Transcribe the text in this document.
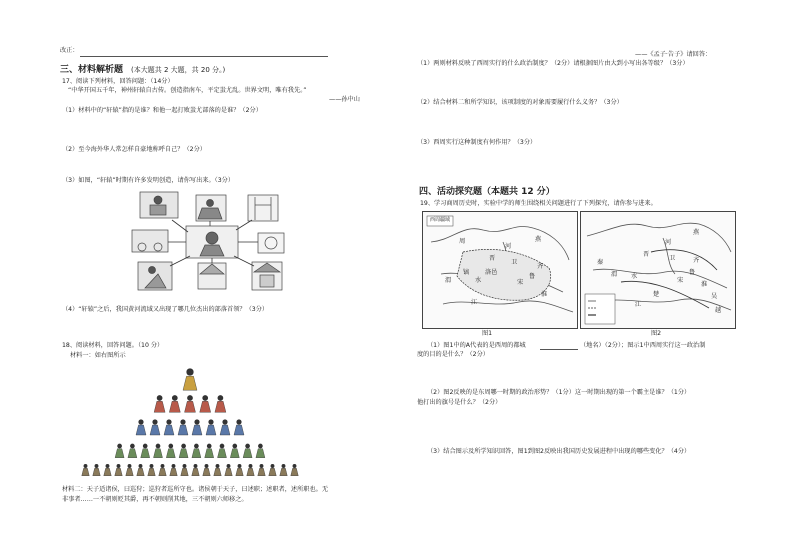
改正：
三、材料解析题 (本大题共 2 大题，共 20 分。)
17、阅读下列材料，回答问题：（14分）
“中华开国五千年，神州轩辕自古传。创造指南车，平定蚩尤乱。世界文明，唯有我先。”
——孙中山
（1）材料中的“轩辕”指的是谁？和他一起打败蚩尤部落的是谁？（2分）
（2）至今海外华人常怎样自豪地称呼自己？（2分）
（3）如图，“轩辕”时期有许多发明创造，请你写出来。（3分）
（4）“轩辕”之后，我国黄河流域又出现了哪几位杰出的部落首领？（3分）
18、阅读材料，回答问题。（10 分）
材料一：如右图所示
材料二：天子适诸侯，曰巡狩；巡狩者巡所守也。诸侯朝于天子，曰述职；述职者，述所职也。无
非事者……一不朝则贬其爵，再不朝则削其地，三不朝则六师移之。
——《孟子·告子》请回答：
（1）两则材料反映了西周实行的什么政治制度？（2分）请根据图片由大到小写出各等级？（3分）
（2）结合材料二和所学知识，该项制度的对象需要履行什么义务？（3分）
（3）西周实行这种制度有何作用？（3分）
四、活动探究题（本题共 12 分）
19、学习商周历史时，实验中学的师生围绕相关问题进行了下列探究，请你参与进来。
西周疆域
周
河
燕
晋
卫
齐
鲁
宋
镐	洛邑
渭	水
江
淮
燕
晋
河
齐
卫
鲁
秦
宋
楚	吴
越
渭 水
江
淮
图1	图2
（1）图1中的A代表的是西周的都城	（地名）（2分）；图示1中西周实行这一政治制
度的目的是什么？（2分）
（2）图2反映的是东周哪一时期的政治形势？（1分）这一时期出现的第一个霸主是谁？（1分）
他打出的旗号是什么？（2分）
（3）结合图示及所学知识回答，图1到图2反映出我国历史发展进程中出现的哪些变化？（4分）
